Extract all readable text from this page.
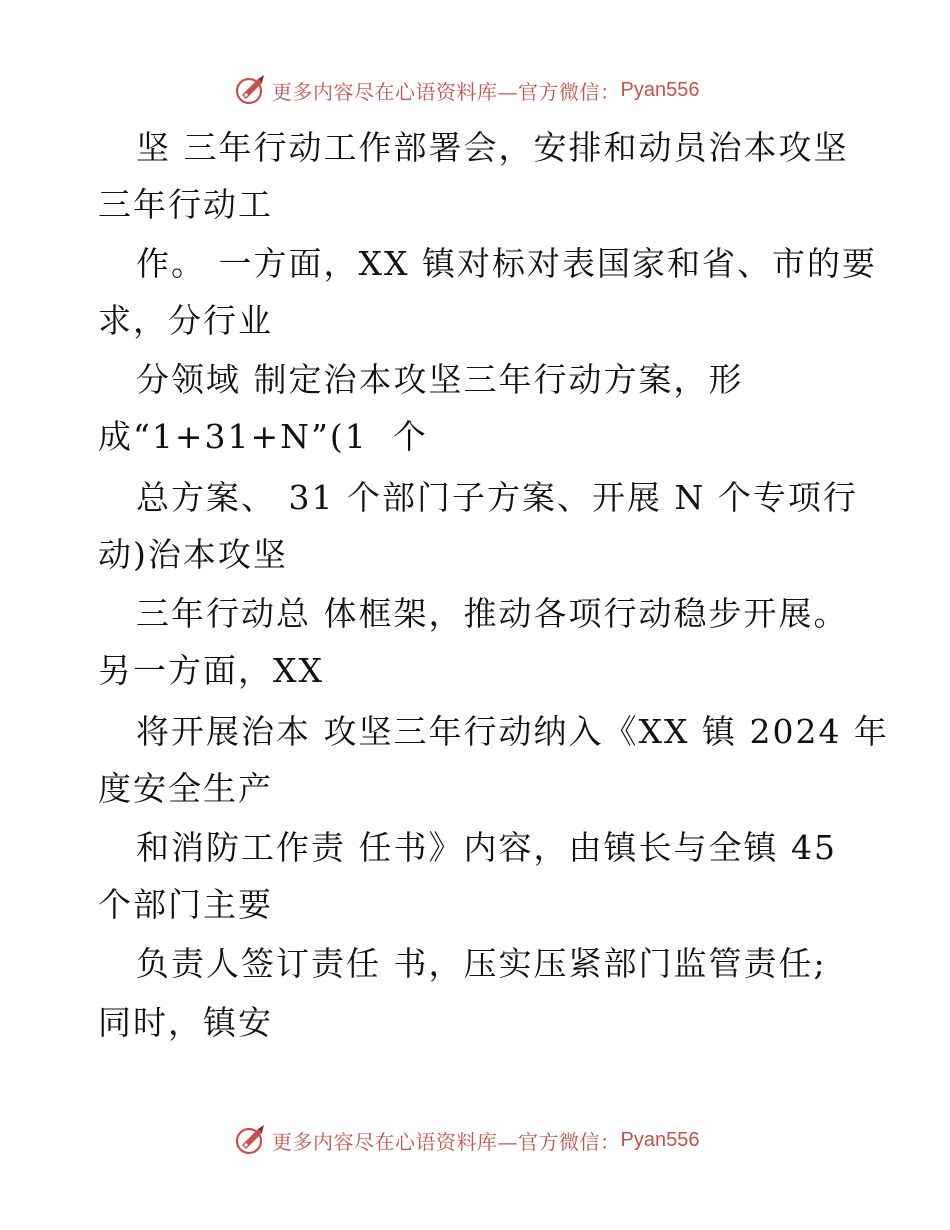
更多内容尽在心语资料库—官方微信： Pyan556
坚 三年行动工作部署会，安排和动员治本攻坚
三年行动工
作。 一方面，XX 镇对标对表国家和省、市的要
求，分行业
分领域 制定治本攻坚三年行动方案，形
成“1+31+N”(1  个
总方案、 31 个部门子方案、开展 N 个专项行
动)治本攻坚
三年行动总 体框架，推动各项行动稳步开展。
另一方面，XX
将开展治本 攻坚三年行动纳入《XX 镇 2024 年
度安全生产
和消防工作责 任书》内容，由镇长与全镇 45
个部门主要
负责人签订责任 书，压实压紧部门监管责任;
同时，镇安
更多内容尽在心语资料库—官方微信： Pyan556
